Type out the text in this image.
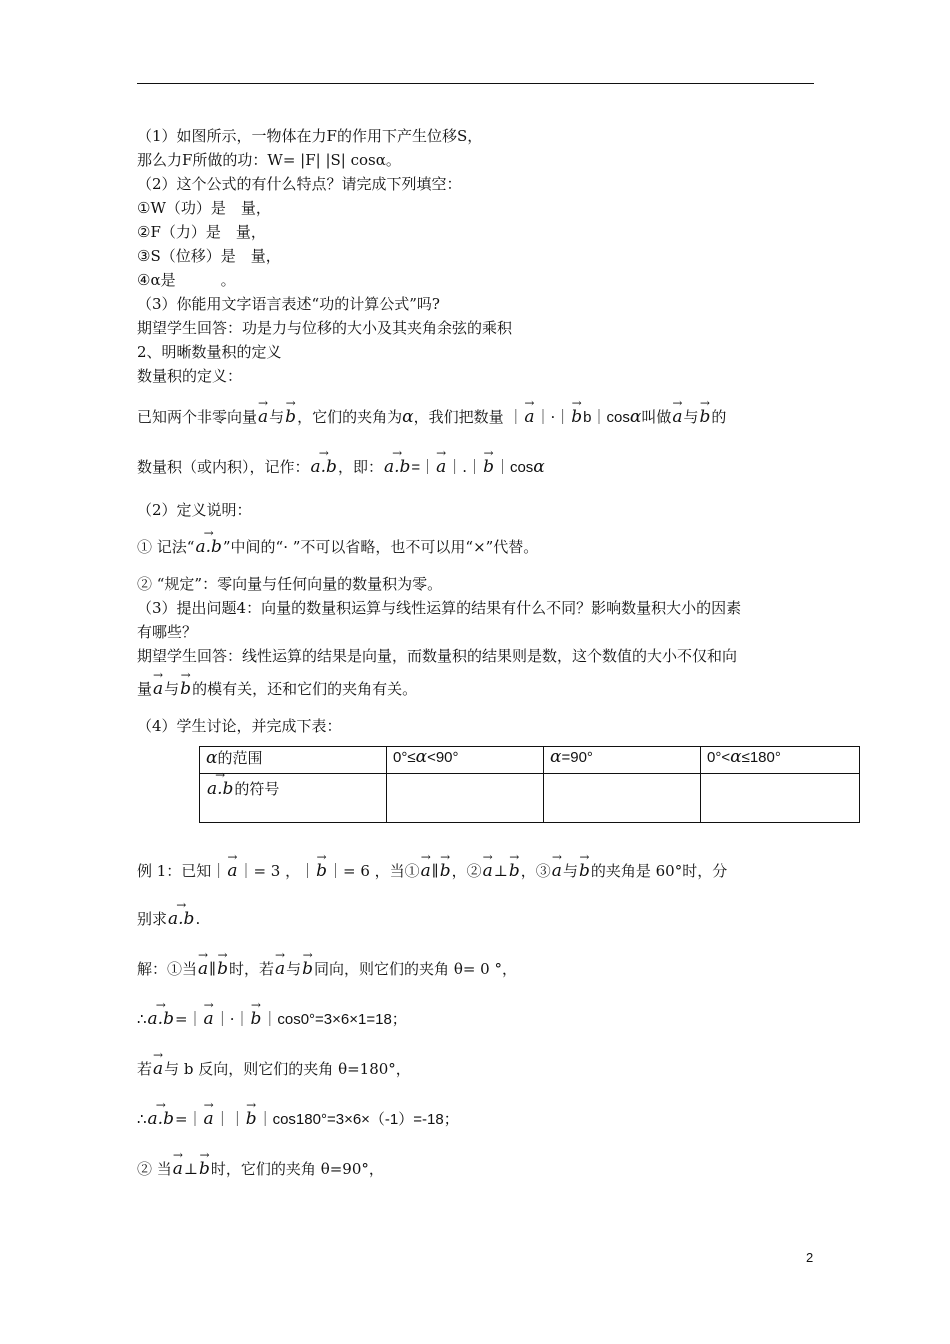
（1）如图所示，一物体在力F的作用下产生位移S，
那么力F所做的功：W= |F| |S| cosα。
（2）这个公式的有什么特点？请完成下列填空：
①W（功）是　量，
②F（力）是　量，
③S（位移）是　量，
④α是　　　。
（3）你能用文字语言表述“功的计算公式”吗?
期望学生回答：功是力与位移的大小及其夹角余弦的乘积
2、明晰数量积的定义
数量积的定义：
已知两个非零向量→ a与→ b，它们的夹角为α，我们把数量 ｜→ a｜·｜→ bb｜cosα叫做→ a与→ b的
数量积（或内积），记作：→ a.b，即：→ a.b=｜→ a｜.｜→ b｜cosα
（2）定义说明：
① 记法“→ a.b”中间的“· ”不可以省略，也不可以用“×”代替。
② “规定”：零向量与任何向量的数量积为零。
（3）提出问题4：向量的数量积运算与线性运算的结果有什么不同？影响数量积大小的因素
有哪些？
期望学生回答：线性运算的结果是向量，而数量积的结果则是数，这个数值的大小不仅和向
量→ a与→ b的模有关，还和它们的夹角有关。
（4）学生讨论，并完成下表：
α的范围	0°≤α<90°	α=90°	0°<α≤180°
→ a.b的符号			
例 1：已知｜→ a｜= 3 ，｜→ b｜= 6 ，当①→ a∥→ b，②→ a⊥→ b，③→ a与→ b的夹角是 60°时，分
别求→ a.b.
解：①当→ a∥→ b时，若→ a与→ b同向，则它们的夹角 θ= 0 °，
∴→ a.b=｜→ a｜·｜→ b｜cos0°=3×6×1=18；
若→ a与 b 反向，则它们的夹角 θ=180°，
∴→ a.b=｜→ a｜｜→ b｜cos180°=3×6×（-1）=-18；
② 当→ a⊥→ b时，它们的夹角 θ=90°，
2
